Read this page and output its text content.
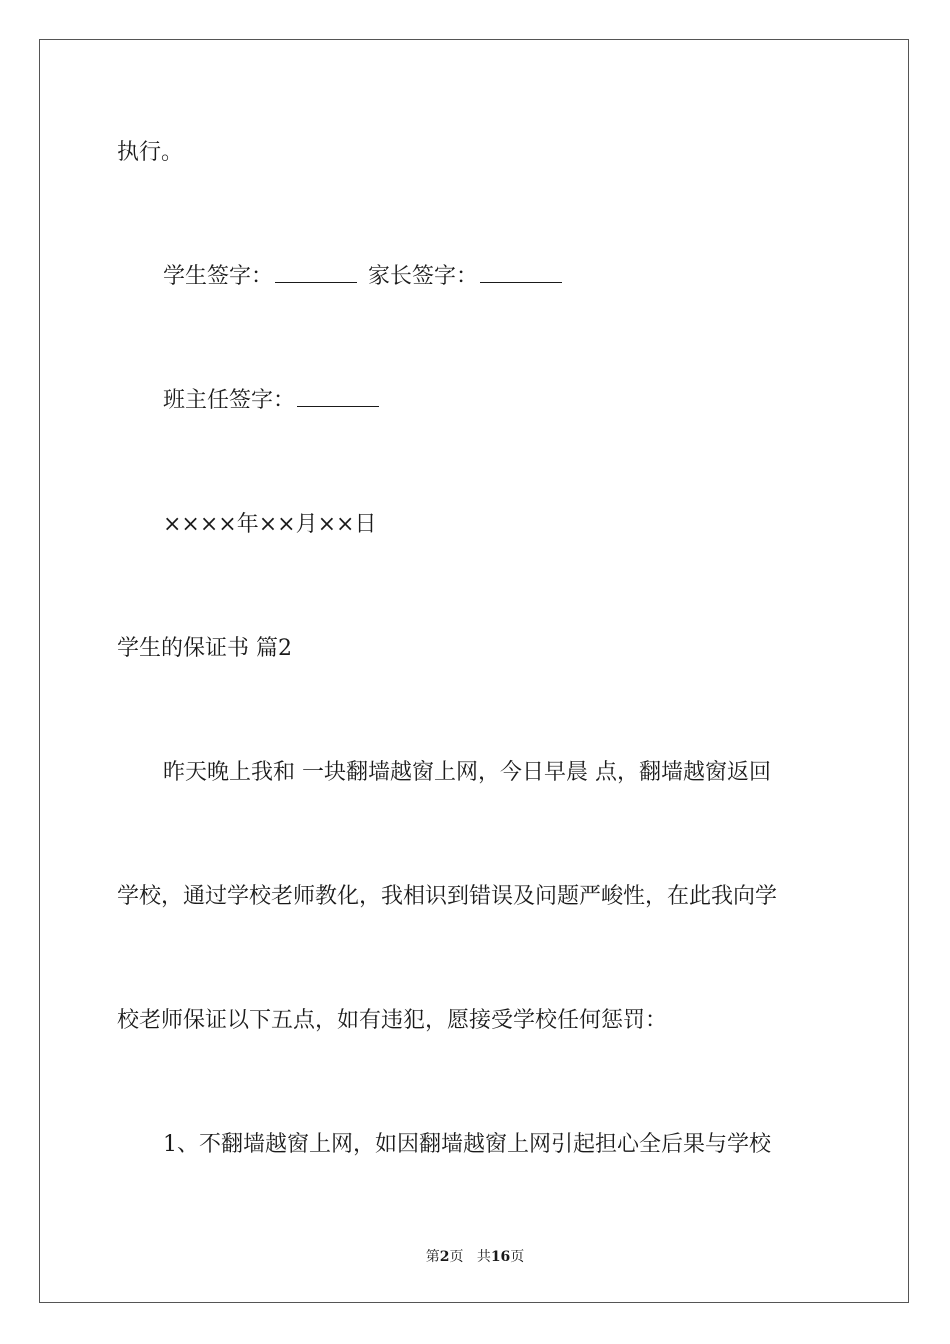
执行。
学生签字：	家长签字：
班主任签字：
××××年××月××日
学生的保证书 篇2
昨天晚上我和 一块翻墙越窗上网，今日早晨 点，翻墙越窗返回
学校，通过学校老师教化，我相识到错误及问题严峻性，在此我向学
校老师保证以下五点，如有违犯，愿接受学校任何惩罚：
1、不翻墙越窗上网，如因翻墙越窗上网引起担心全后果与学校
第2页 共16页
